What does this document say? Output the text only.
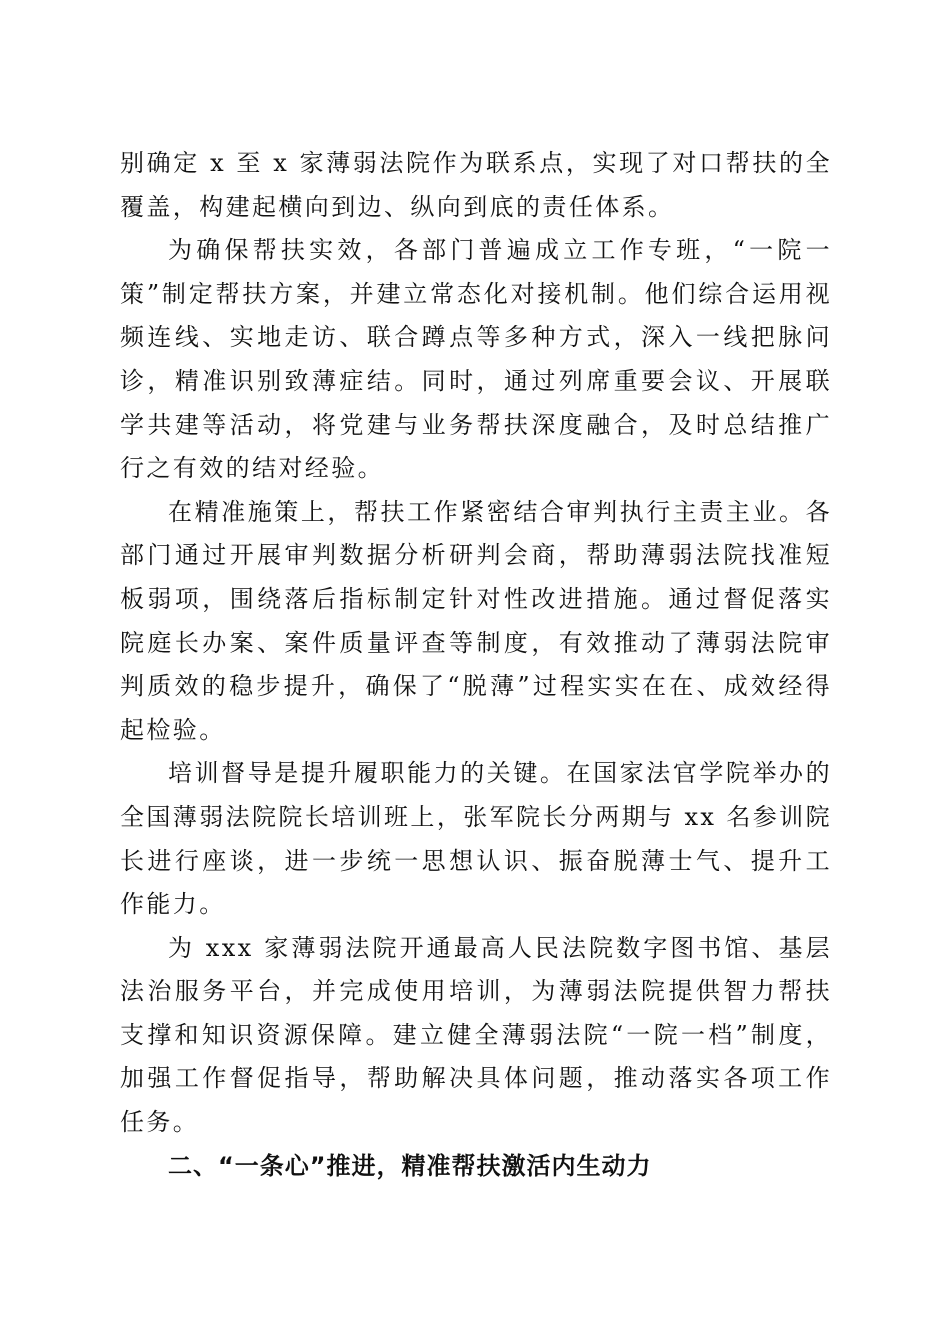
别确定 x 至 x 家薄弱法院作为联系点，实现了对口帮扶的全覆盖，构建起横向到边、纵向到底的责任体系。

为确保帮扶实效，各部门普遍成立工作专班，“一院一策”制定帮扶方案，并建立常态化对接机制。他们综合运用视频连线、实地走访、联合蹲点等多种方式，深入一线把脉问诊，精准识别致薄症结。同时，通过列席重要会议、开展联学共建等活动，将党建与业务帮扶深度融合，及时总结推广行之有效的结对经验。

在精准施策上，帮扶工作紧密结合审判执行主责主业。各部门通过开展审判数据分析研判会商，帮助薄弱法院找准短板弱项，围绕落后指标制定针对性改进措施。通过督促落实院庭长办案、案件质量评查等制度，有效推动了薄弱法院审判质效的稳步提升，确保了“脱薄”过程实实在在、成效经得起检验。

培训督导是提升履职能力的关键。在国家法官学院举办的全国薄弱法院院长培训班上，张军院长分两期与 xx 名参训院长进行座谈，进一步统一思想认识、振奋脱薄士气、提升工作能力。

为 xxx 家薄弱法院开通最高人民法院数字图书馆、基层法治服务平台，并完成使用培训，为薄弱法院提供智力帮扶支撑和知识资源保障。建立健全薄弱法院“一院一档”制度，加强工作督促指导，帮助解决具体问题，推动落实各项工作任务。

二、“一条心”推进，精准帮扶激活内生动力
